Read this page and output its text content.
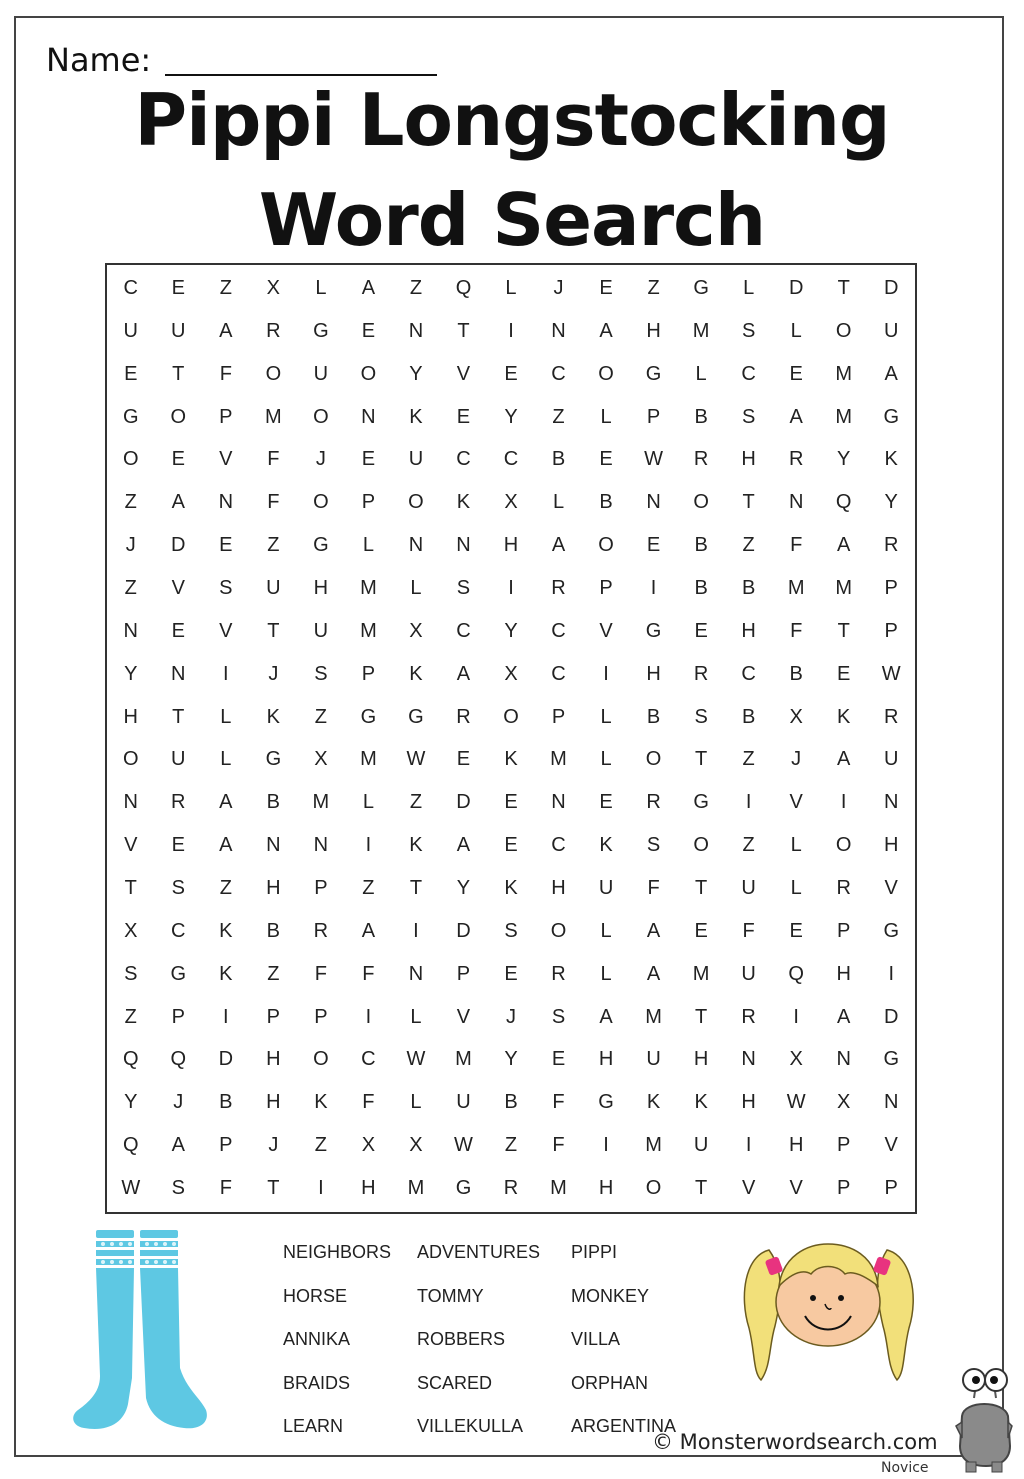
Name:
Pippi Longstocking
Word Search
C	E	Z	X	L	A	Z	Q	L	J	E	Z	G	L	D	T	D
U	U	A	R	G	E	N	T	I	N	A	H	M	S	L	O	U
E	T	F	O	U	O	Y	V	E	C	O	G	L	C	E	M	A
G	O	P	M	O	N	K	E	Y	Z	L	P	B	S	A	M	G
O	E	V	F	J	E	U	C	C	B	E	W	R	H	R	Y	K
Z	A	N	F	O	P	O	K	X	L	B	N	O	T	N	Q	Y
J	D	E	Z	G	L	N	N	H	A	O	E	B	Z	F	A	R
Z	V	S	U	H	M	L	S	I	R	P	I	B	B	M	M	P
N	E	V	T	U	M	X	C	Y	C	V	G	E	H	F	T	P
Y	N	I	J	S	P	K	A	X	C	I	H	R	C	B	E	W
H	T	L	K	Z	G	G	R	O	P	L	B	S	B	X	K	R
O	U	L	G	X	M	W	E	K	M	L	O	T	Z	J	A	U
N	R	A	B	M	L	Z	D	E	N	E	R	G	I	V	I	N
V	E	A	N	N	I	K	A	E	C	K	S	O	Z	L	O	H
T	S	Z	H	P	Z	T	Y	K	H	U	F	T	U	L	R	V
X	C	K	B	R	A	I	D	S	O	L	A	E	F	E	P	G
S	G	K	Z	F	F	N	P	E	R	L	A	M	U	Q	H	I
Z	P	I	P	P	I	L	V	J	S	A	M	T	R	I	A	D
Q	Q	D	H	O	C	W	M	Y	E	H	U	H	N	X	N	G
Y	J	B	H	K	F	L	U	B	F	G	K	K	H	W	X	N
Q	A	P	J	Z	X	X	W	Z	F	I	M	U	I	H	P	V
W	S	F	T	I	H	M	G	R	M	H	O	T	V	V	P	P
NEIGHBORS	ADVENTURES	PIPPI
HORSE	TOMMY	MONKEY
ANNIKA	ROBBERS	VILLA
BRAIDS	SCARED	ORPHAN
LEARN	VILLEKULLA	ARGENTINA
© Monsterwordsearch.com
Novice
